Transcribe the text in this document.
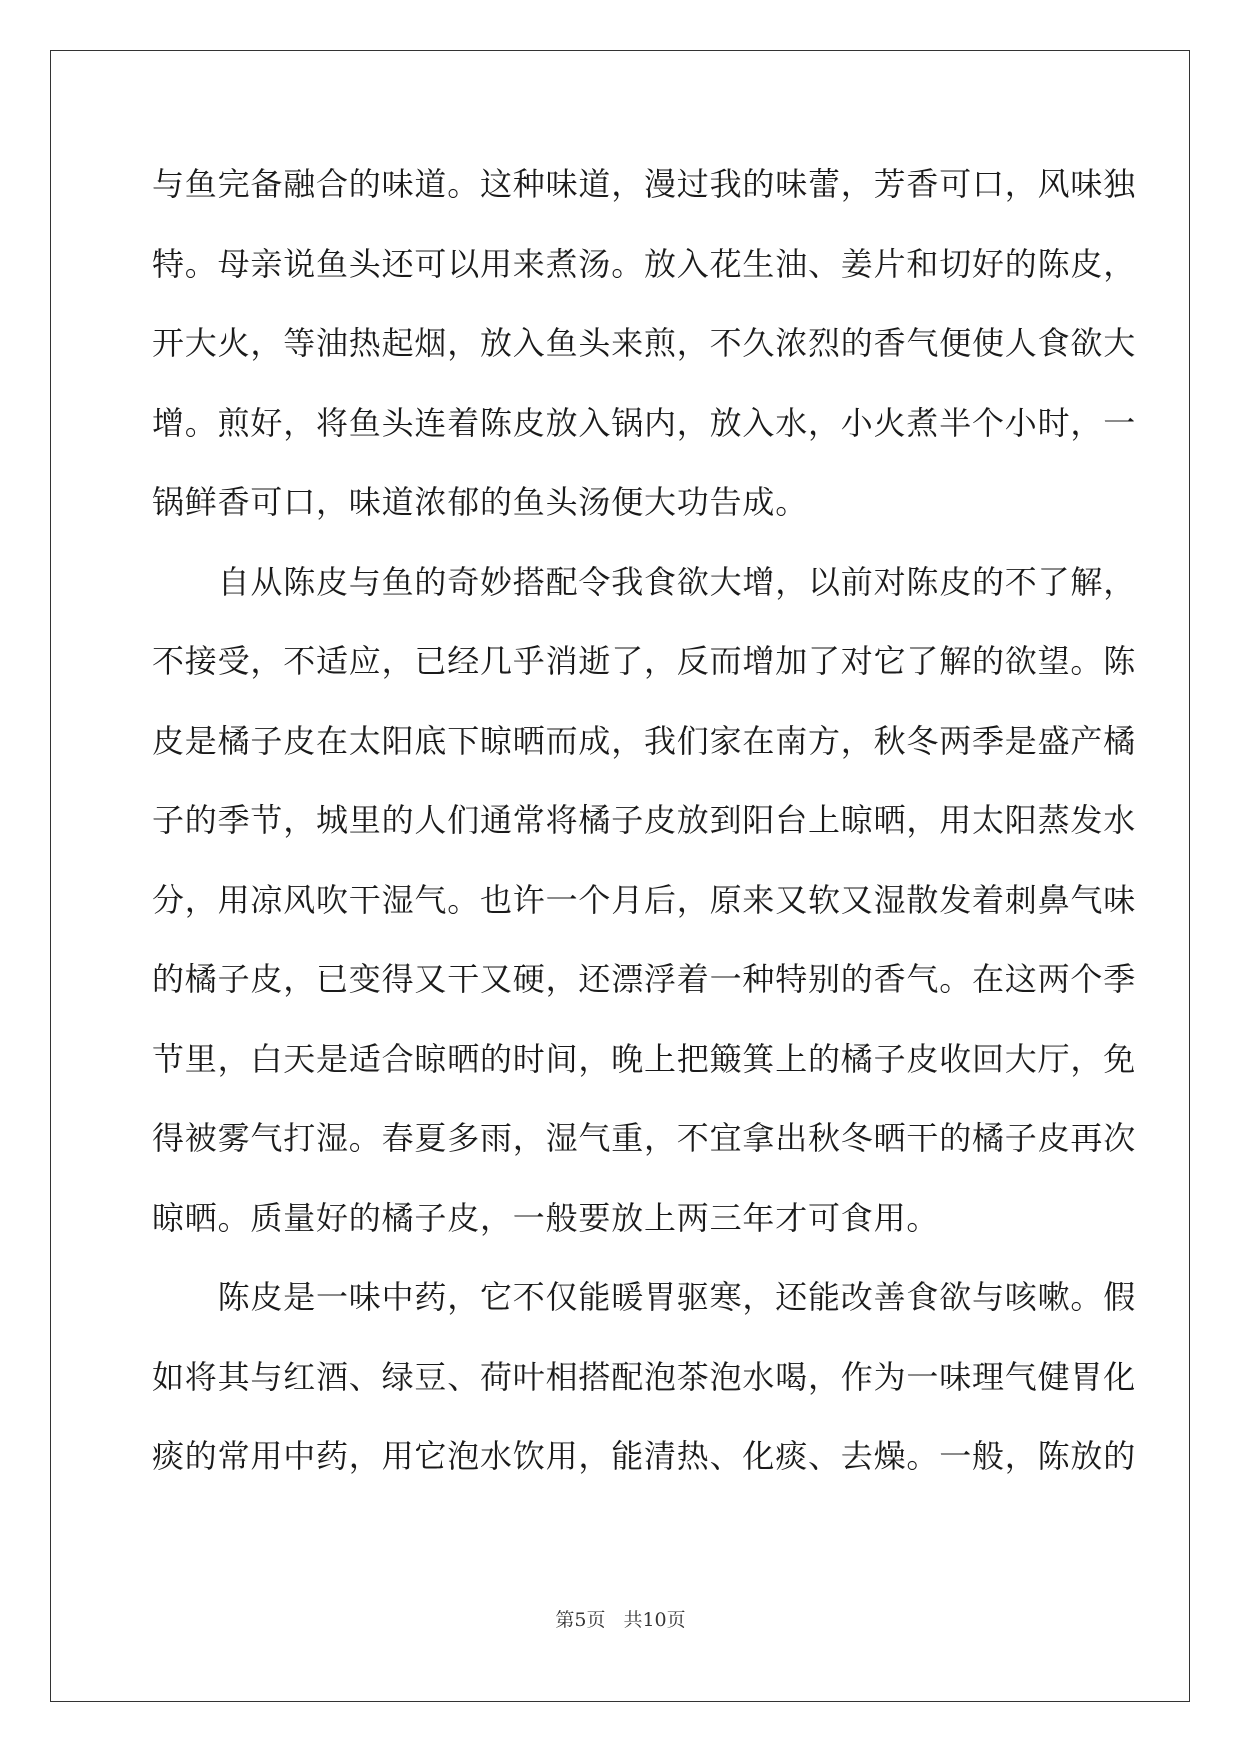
与鱼完备融合的味道。这种味道，漫过我的味蕾，芳香可口，风味独

特。母亲说鱼头还可以用来煮汤。放入花生油、姜片和切好的陈皮，

开大火，等油热起烟，放入鱼头来煎，不久浓烈的香气便使人食欲大

增。煎好，将鱼头连着陈皮放入锅内，放入水，小火煮半个小时，一

锅鲜香可口，味道浓郁的鱼头汤便大功告成。

　　自从陈皮与鱼的奇妙搭配令我食欲大增，以前对陈皮的不了解，

不接受，不适应，已经几乎消逝了，反而增加了对它了解的欲望。陈

皮是橘子皮在太阳底下晾晒而成，我们家在南方，秋冬两季是盛产橘

子的季节，城里的人们通常将橘子皮放到阳台上晾晒，用太阳蒸发水

分，用凉风吹干湿气。也许一个月后，原来又软又湿散发着刺鼻气味

的橘子皮，已变得又干又硬，还漂浮着一种特别的香气。在这两个季

节里，白天是适合晾晒的时间，晚上把簸箕上的橘子皮收回大厅，免

得被雾气打湿。春夏多雨，湿气重，不宜拿出秋冬晒干的橘子皮再次

晾晒。质量好的橘子皮，一般要放上两三年才可食用。

　　陈皮是一味中药，它不仅能暖胃驱寒，还能改善食欲与咳嗽。假

如将其与红酒、绿豆、荷叶相搭配泡茶泡水喝，作为一味理气健胃化

痰的常用中药，用它泡水饮用，能清热、化痰、去燥。一般，陈放的

第5页 共10页
